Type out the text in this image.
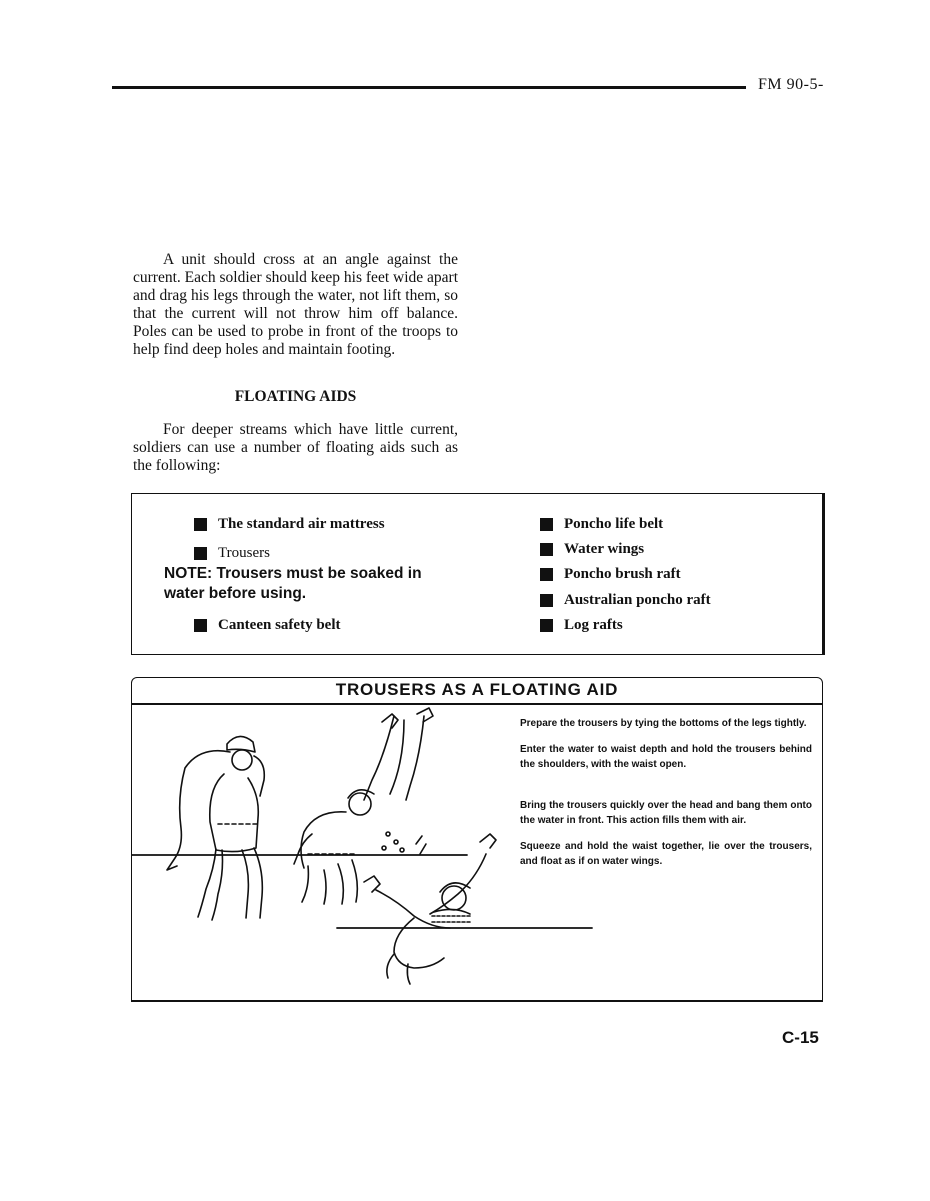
FM 90-5-

A unit should cross at an angle against the current. Each soldier should keep his feet wide apart and drag his legs through the water, not lift them, so that the current will not throw him off balance. Poles can be used to probe in front of the troops to help find deep holes and maintain footing.

FLOATING AIDS

For deeper streams which have little current, soldiers can use a number of floating aids such as the following:

The standard air mattress
Trousers
NOTE: Trousers must be soaked in water before using.
Canteen safety belt
Poncho life belt
Water wings
Poncho brush raft
Australian poncho raft
Log rafts
TROUSERS AS A FLOATING AID

Prepare the trousers by tying the bottoms of the legs tightly.

Enter the water to waist depth and hold the trousers behind the shoulders, with the waist open.

Bring the trousers quickly over the head and bang them onto the water in front. This action fills them with air.

Squeeze and hold the waist together, lie over the trousers, and float as if on water wings.

C-15
